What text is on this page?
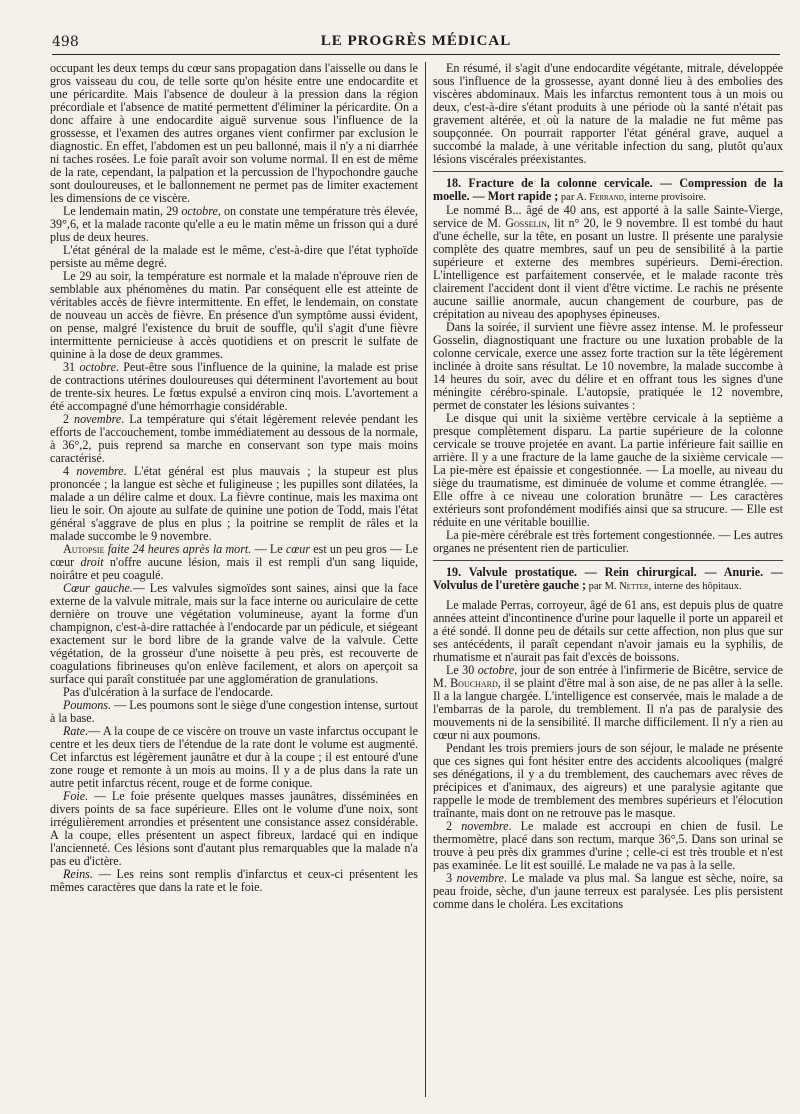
498	LE PROGRÈS MÉDICAL

occupant les deux temps du cœur sans propagation dans l'aisselle ou dans le gros vaisseau du cou, de telle sorte qu'on hésite entre une endocardite et une péricardite. Mais l'absence de douleur à la pression dans la région précordiale et l'absence de matité permettent d'éliminer la péricardite. On a donc affaire à une endocardite aiguë survenue sous l'influence de la grossesse, et l'examen des autres organes vient confirmer par exclusion le diagnostic. En effet, l'abdomen est un peu ballonné, mais il n'y a ni diarrhée ni taches rosées. Le foie paraît avoir son volume normal. Il en est de même de la rate, cependant, la palpation et la percussion de l'hypochondre gauche sont douloureuses, et le ballonnement ne permet pas de limiter exactement les dimensions de ce viscère.

Le lendemain matin, 29 octobre, on constate une température très élevée, 39°,6, et la malade raconte qu'elle a eu le matin même un frisson qui a duré plus de deux heures.

L'état général de la malade est le même, c'est-à-dire que l'état typhoïde persiste au même degré.

Le 29 au soir, la température est normale et la malade n'éprouve rien de semblable aux phénomènes du matin. Par conséquent elle est atteinte de véritables accès de fièvre intermittente. En effet, le lendemain, on constate de nouveau un accès de fièvre. En présence d'un symptôme aussi évident, on pense, malgré l'existence du bruit de souffle, qu'il s'agit d'une fièvre intermittente pernicieuse à accès quotidiens et on prescrit le sulfate de quinine à la dose de deux grammes.

31 octobre. Peut-être sous l'influence de la quinine, la malade est prise de contractions utérines douloureuses qui déterminent l'avortement au bout de trente-six heures. Le fœtus expulsé a environ cinq mois. L'avortement a été accompagné d'une hémorrhagie considérable.

2 novembre. La température qui s'était légèrement relevée pendant les efforts de l'accouchement, tombe immédiatement au dessous de la normale, à 36°,2, puis reprend sa marche en conservant son type mais moins caractérisé.

4 novembre. L'état général est plus mauvais ; la stupeur est plus prononcée ; la langue est sèche et fuligineuse ; les pupilles sont dilatées, la malade a un délire calme et doux. La fièvre continue, mais les maxima ont lieu le soir. On ajoute au sulfate de quinine une potion de Todd, mais l'état général s'aggrave de plus en plus ; la poitrine se remplit de râles et la malade succombe le 9 novembre.

Autopsie faite 24 heures après la mort. — Le cœur est un peu gros — Le cœur droit n'offre aucune lésion, mais il est rempli d'un sang liquide, noirâtre et peu coagulé.

Cœur gauche.— Les valvules sigmoïdes sont saines, ainsi que la face externe de la valvule mitrale, mais sur la face interne ou auriculaire de cette dernière on trouve une végétation volumineuse, ayant la forme d'un champignon, c'est-à-dire rattachée à l'endocarde par un pédicule, et siégeant exactement sur le bord libre de la grande valve de la valvule. Cette végétation, de la grosseur d'une noisette à peu près, est recouverte de coagulations fibrineuses qu'on enlève facilement, et alors on aperçoit sa surface qui paraît constituée par une agglomération de granulations.

Pas d'ulcération à la surface de l'endocarde.

Poumons. — Les poumons sont le siège d'une congestion intense, surtout à la base.

Rate.— A la coupe de ce viscère on trouve un vaste infarctus occupant le centre et les deux tiers de l'étendue de la rate dont le volume est augmenté. Cet infarctus est légèrement jaunâtre et dur à la coupe ; il est entouré d'une zone rouge et remonte à un mois au moins. Il y a de plus dans la rate un autre petit infarctus récent, rouge et de forme conique.

Foie. — Le foie présente quelques masses jaunâtres, disséminées en divers points de sa face supérieure. Elles ont le volume d'une noix, sont irrégulièrement arrondies et présentent une consistance assez considérable. A la coupe, elles présentent un aspect fibreux, lardacé qui en indique l'ancienneté. Ces lésions sont d'autant plus remarquables que la malade n'a pas eu d'ictère.

Reins. — Les reins sont remplis d'infarctus et ceux-ci présentent les mêmes caractères que dans la rate et le foie.

En résumé, il s'agit d'une endocardite végétante, mitrale, développée sous l'influence de la grossesse, ayant donné lieu à des embolies des viscères abdominaux. Mais les infarctus remontent tous à un mois ou deux, c'est-à-dire s'étant produits à une période où la santé n'était pas gravement altérée, et où la nature de la maladie ne fut même pas soupçonnée. On pourrait rapporter l'état général grave, auquel a succombé la malade, à une véritable infection du sang, plutôt qu'aux lésions viscérales préexistantes.

18. Fracture de la colonne cervicale. — Compression de la moelle. — Mort rapide ; par A. Ferrand, interne provisoire.

Le nommé B... âgé de 40 ans, est apporté à la salle Sainte-Vierge, service de M. Gosselin, lit n° 20, le 9 novembre. Il est tombé du haut d'une échelle, sur la tête, en posant un lustre. Il présente une paralysie complète des quatre membres, sauf un peu de sensibilité à la partie supérieure et externe des membres supérieurs. Demi-érection. L'intelligence est parfaitement conservée, et le malade raconte très clairement l'accident dont il vient d'être victime. Le rachis ne présente aucune saillie anormale, aucun changement de courbure, pas de crépitation au niveau des apophyses épineuses.

Dans la soirée, il survient une fièvre assez intense. M. le professeur Gosselin, diagnostiquant une fracture ou une luxation probable de la colonne cervicale, exerce une assez forte traction sur la tête légèrement inclinée à droite sans résultat. Le 10 novembre, la malade succombe à 14 heures du soir, avec du délire et en offrant tous les signes d'une méningite cérébro-spinale. L'autopsie, pratiquée le 12 novembre, permet de constater les lésions suivantes :

Le disque qui unit la sixième vertèbre cervicale à la septième a presque complètement disparu. La partie supérieure de la colonne cervicale se trouve projetée en avant. La partie inférieure fait saillie en arrière. Il y a une fracture de la lame gauche de la sixième cervicale — La pie-mère est épaissie et congestionnée. — La moelle, au niveau du siège du traumatisme, est diminuée de volume et comme étranglée. — Elle offre à ce niveau une coloration brunâtre — Les caractères extérieurs sont profondément modifiés ainsi que sa strucure. — Elle est réduite en une véritable bouillie.

La pie-mère cérébrale est très fortement congestionnée. — Les autres organes ne présentent rien de particulier.

19. Valvule prostatique. — Rein chirurgical. — Anurie. — Volvulus de l'uretère gauche ; par M. Netter, interne des hôpitaux.

Le malade Perras, corroyeur, âgé de 61 ans, est depuis plus de quatre années atteint d'incontinence d'urine pour laquelle il porte un appareil et a été sondé. Il donne peu de détails sur cette affection, non plus que sur ses antécédents, il paraît cependant n'avoir jamais eu la syphilis, de rhumatisme et n'aurait pas fait d'excès de boissons.

Le 30 octobre, jour de son entrée à l'infirmerie de Bicêtre, service de M. Bouchard, il se plaint d'être mal à son aise, de ne pas aller à la selle. Il a la langue chargée. L'intelligence est conservée, mais le malade a de l'embarras de la parole, du tremblement. Il n'a pas de paralysie des mouvements ni de la sensibilité. Il marche difficilement. Il n'y a rien au cœur ni aux poumons.

Pendant les trois premiers jours de son séjour, le malade ne présente que ces signes qui font hésiter entre des accidents alcooliques (malgré ses dénégations, il y a du tremblement, des cauchemars avec rêves de précipices et d'animaux, des aigreurs) et une paralysie agitante que rappelle le mode de tremblement des membres supérieurs et l'élocution traînante, mais dont on ne retrouve pas le masque.

2 novembre. Le malade est accroupi en chien de fusil. Le thermomètre, placé dans son rectum, marque 36°,5. Dans son urinal se trouve à peu près dix grammes d'urine ; celle-ci est très trouble et n'est pas examinée. Le lit est souillé. Le malade ne va pas à la selle.

3 novembre. Le malade va plus mal. Sa langue est sèche, noire, sa peau froide, sèche, d'un jaune terreux est paralysée. Les plis persistent comme dans le choléra. Les excitations
